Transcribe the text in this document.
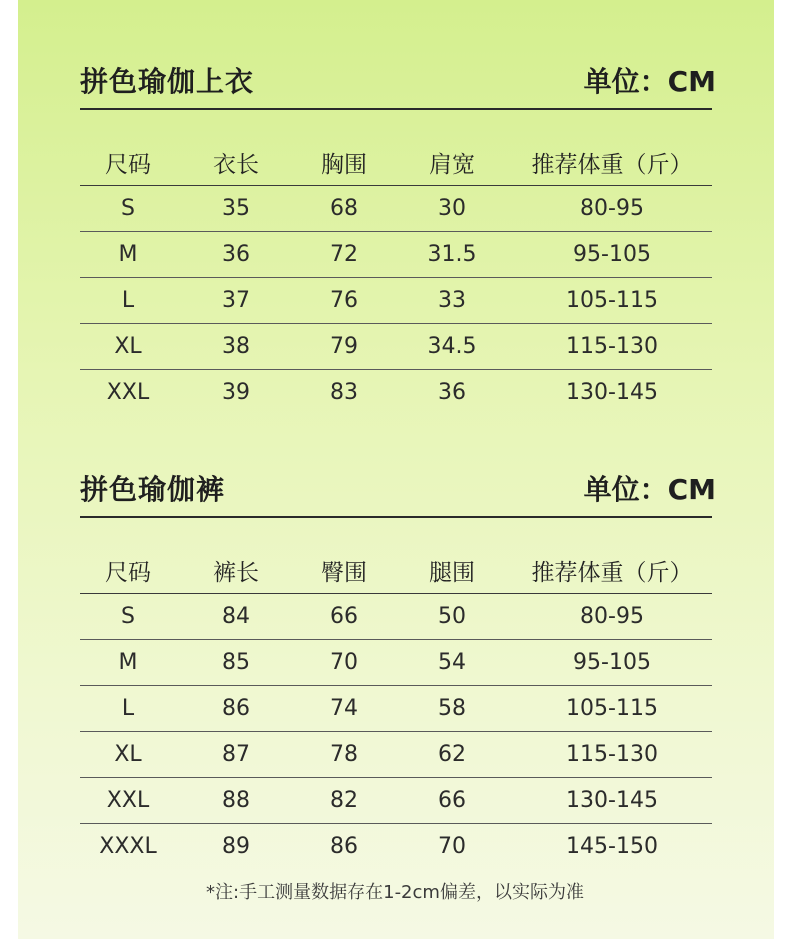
拼色瑜伽上衣	单位：CM
尺码	衣长	胸围	肩宽	推荐体重（斤）
S	35	68	30	80-95
M	36	72	31.5	95-105
L	37	76	33	105-115
XL	38	79	34.5	115-130
XXL	39	83	36	130-145
拼色瑜伽裤	单位：CM
尺码	裤长	臀围	腿围	推荐体重（斤）
S	84	66	50	80-95
M	85	70	54	95-105
L	86	74	58	105-115
XL	87	78	62	115-130
XXL	88	82	66	130-145
XXXL	89	86	70	145-150
*注:手工测量数据存在1-2cm偏差，以实际为准
